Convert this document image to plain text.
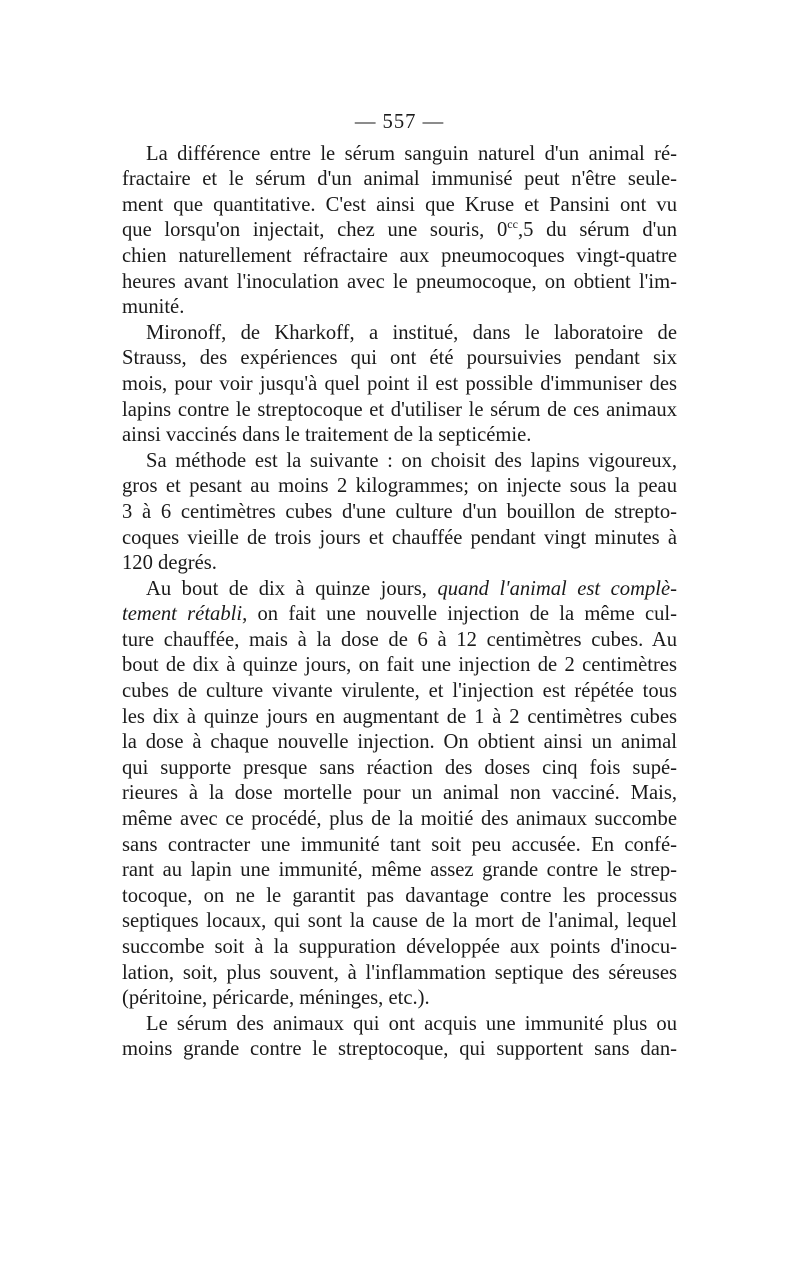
— 557 —
La différence entre le sérum sanguin naturel d'un animal ré-
fractaire et le sérum d'un animal immunisé peut n'être seule-
ment que quantitative. C'est ainsi que Kruse et Pansini ont vu
que lorsqu'on injectait, chez une souris, $0^{cc},5$ du sérum d'un
chien naturellement réfractaire aux pneumocoques vingt-quatre
heures avant l'inoculation avec le pneumocoque, on obtient l'im-
munité.
Mironoff, de Kharkoff, a institué, dans le laboratoire de
Strauss, des expériences qui ont été poursuivies pendant six
mois, pour voir jusqu'à quel point il est possible d'immuniser des
lapins contre le streptocoque et d'utiliser le sérum de ces animaux
ainsi vaccinés dans le traitement de la septicémie.
Sa méthode est la suivante : on choisit des lapins vigoureux,
gros et pesant au moins 2 kilogrammes; on injecte sous la peau
3 à 6 centimètres cubes d'une culture d'un bouillon de strepto-
coques vieille de trois jours et chauffée pendant vingt minutes à
120 degrés.
Au bout de dix à quinze jours, quand l'animal est complè-
tement rétabli, on fait une nouvelle injection de la même cul-
ture chauffée, mais à la dose de 6 à 12 centimètres cubes. Au
bout de dix à quinze jours, on fait une injection de 2 centimètres
cubes de culture vivante virulente, et l'injection est répétée tous
les dix à quinze jours en augmentant de 1 à 2 centimètres cubes
la dose à chaque nouvelle injection. On obtient ainsi un animal
qui supporte presque sans réaction des doses cinq fois supé-
rieures à la dose mortelle pour un animal non vacciné. Mais,
même avec ce procédé, plus de la moitié des animaux succombe
sans contracter une immunité tant soit peu accusée. En confé-
rant au lapin une immunité, même assez grande contre le strep-
tocoque, on ne le garantit pas davantage contre les processus
septiques locaux, qui sont la cause de la mort de l'animal, lequel
succombe soit à la suppuration développée aux points d'inocu-
lation, soit, plus souvent, à l'inflammation septique des séreuses
(péritoine, péricarde, méninges, etc.).
Le sérum des animaux qui ont acquis une immunité plus ou
moins grande contre le streptocoque, qui supportent sans dan-
